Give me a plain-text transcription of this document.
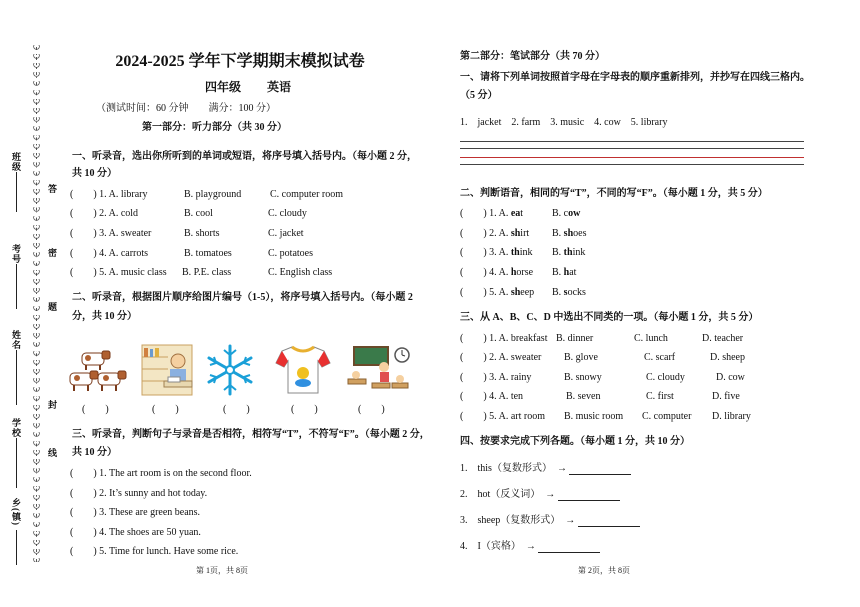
班级
考号
姓名
学校
乡(镇)
答
密
题
封
线
2024-2025 学年下学期期末模拟试卷
四年级 英语
（测试时间：60 分钟　　满分：100 分）
第一部分：听力部分（共 30 分）
一、听录音，选出你所听到的单词或短语，将序号填入括号内。（每小题 2 分，
共 10 分）
(　　) 1. A. library	B. playground	C. computer room
(　　) 2. A. cold	B. cool	C. cloudy
(　　) 3. A. sweater	B. shorts	C. jacket
(　　) 4. A. carrots	B. tomatoes	C. potatoes
(　　) 5. A. music class B. P.E. class	C. English class
二、听录音，根据图片顺序给图片编号（1-5），将序号填入括号内。（每小题 2
分，共 10 分）
(　　)	(　　)	(　　)	(　　)	(　　)
三、听录音，判断句子与录音是否相符，相符写“T”，不符写“F”。（每小题 2 分，
共 10 分）
(　　) 1. The art room is on the second floor.
(　　) 2. It’s sunny and hot today.
(　　) 3. These are green beans.
(　　) 4. The shoes are 50 yuan.
(　　) 5. Time for lunch. Have some rice.
第 1页，共 8页
第二部分：笔试部分（共 70 分）
一、请将下列单词按照首字母在字母表的顺序重新排列，并抄写在四线三格内。
（5 分）
1.　jacket　2. farm　3. music　4. cow　5. library
二、判断语音，相同的写“T”，不同的写“F”。（每小题 1 分，共 5 分）
(　　) 1. A. eat	B. cow
(　　) 2. A. shirt B. shoes
(　　) 3. A. think B. think
(　　) 4. A. horse B. hat
(　　) 5. A. sheep B. socks
三、从 A、B、C、D 中选出不同类的一项。（每小题 1 分，共 5 分）
(　　) 1. A. breakfast B. dinner	C. lunch	D. teacher
(　　) 2. A. sweater B. glove	C. scarf	D. sheep
(　　) 3. A. rainy	B. snowy	C. cloudy	D. cow
(　　) 4. A. ten	B. seven	C. first	D. five
(　　) 5. A. art room B. music room C. computer D. library
四、按要求完成下列各题。（每小题 1 分，共 10 分）
1.　this（复数形式）　→
2.　hot（反义词）　→
3.　sheep（复数形式）　→
4.　I（宾格）　→
第 2页，共 8页
